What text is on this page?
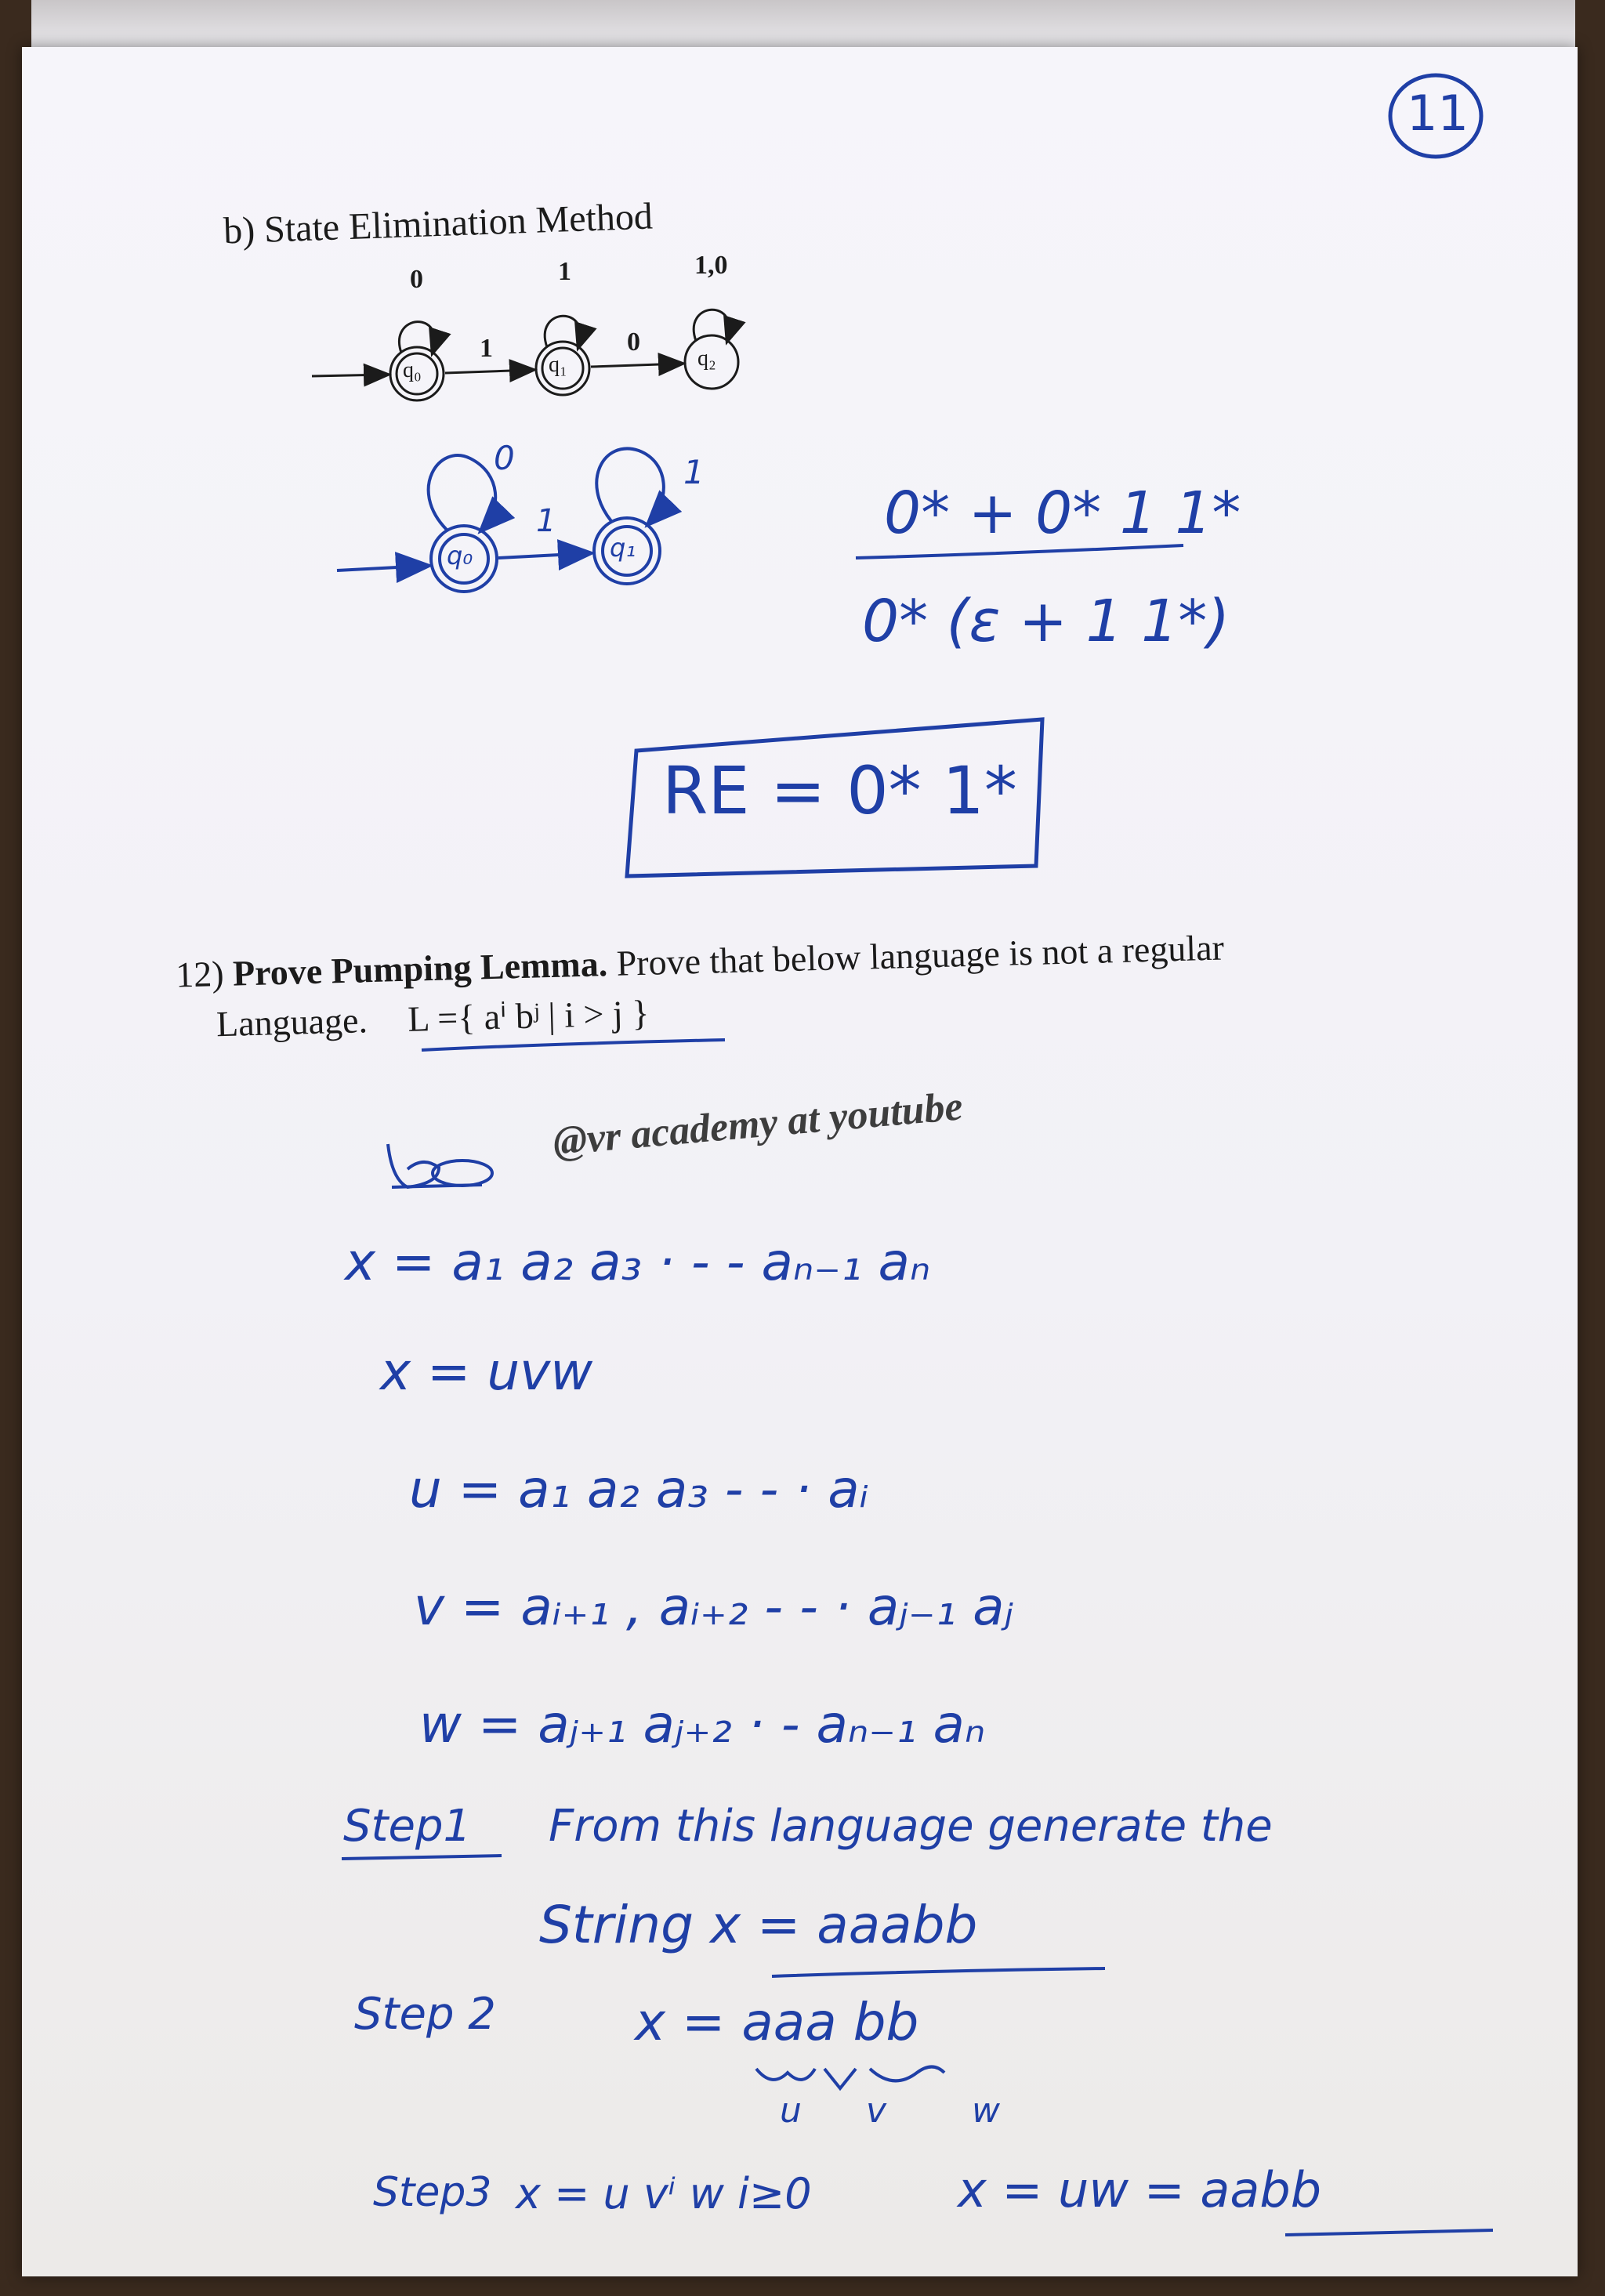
11
b) State Elimination Method
q₀	q₁	q₂
0	1	1,0
1	0
q₀	q₁
0	1
1	0* + 0* 1 1*
0* (ε + 1 1*)
RE = 0* 1*
12) Prove Pumping Lemma. Prove that below language is not a regular
Language. L ={ aⁱ bʲ | i > j }
@vr academy at youtube
x = a₁ a₂ a₃ · - - aₙ₋₁ aₙ
x = uvw
u = a₁ a₂ a₃ - - · aᵢ
v = aᵢ₊₁ , aᵢ₊₂ - - · aⱼ₋₁ aⱼ
w = aⱼ₊₁ aⱼ₊₂ · - aₙ₋₁ aₙ
Step1 From this language generate the
String x = aaabb
Step 2	x = aaa bb
u v w
Step3 x = u vⁱ w i≥0	x = uw = aabb
